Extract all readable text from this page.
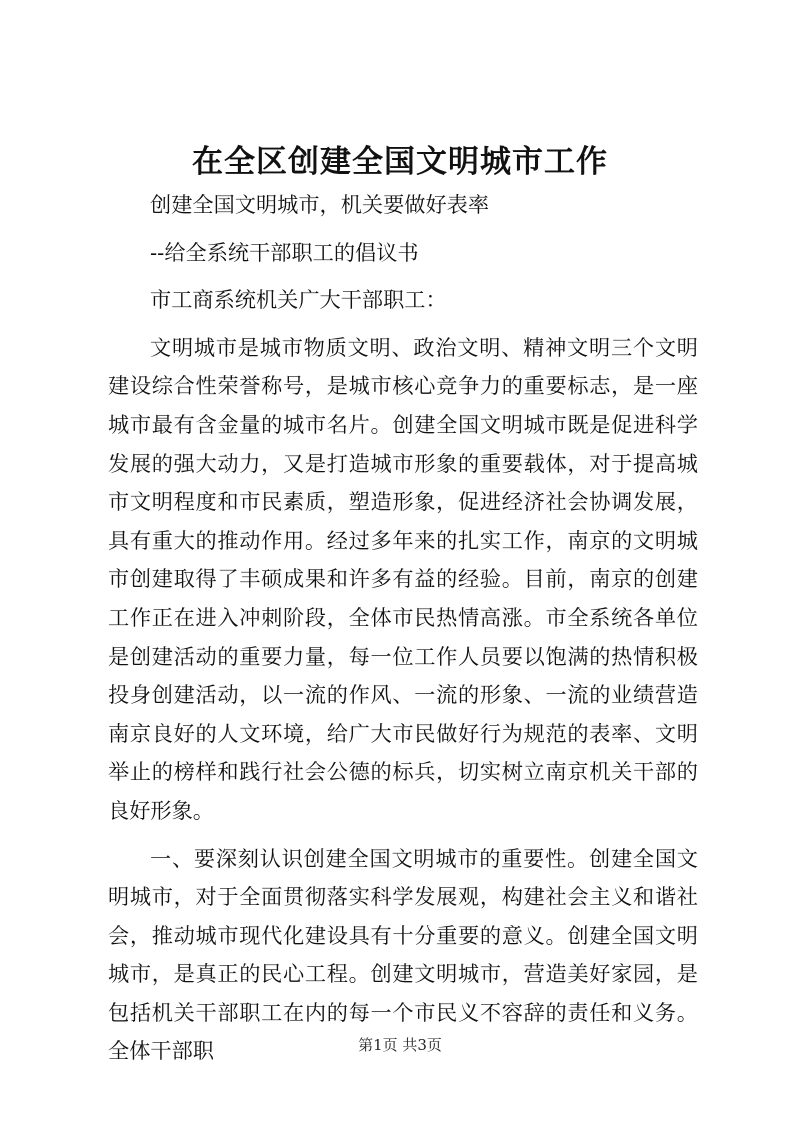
在全区创建全国文明城市工作

创建全国文明城市，机关要做好表率

--给全系统干部职工的倡议书

市工商系统机关广大干部职工：

文明城市是城市物质文明、政治文明、精神文明三个文明建设综合性荣誉称号，是城市核心竞争力的重要标志，是一座城市最有含金量的城市名片。创建全国文明城市既是促进科学发展的强大动力，又是打造城市形象的重要载体，对于提高城市文明程度和市民素质，塑造形象，促进经济社会协调发展，具有重大的推动作用。经过多年来的扎实工作，南京的文明城市创建取得了丰硕成果和许多有益的经验。目前，南京的创建工作正在进入冲刺阶段，全体市民热情高涨。市全系统各单位是创建活动的重要力量，每一位工作人员要以饱满的热情积极投身创建活动，以一流的作风、一流的形象、一流的业绩营造南京良好的人文环境，给广大市民做好行为规范的表率、文明举止的榜样和践行社会公德的标兵，切实树立南京机关干部的良好形象。

一、要深刻认识创建全国文明城市的重要性。创建全国文明城市，对于全面贯彻落实科学发展观，构建社会主义和谐社会，推动城市现代化建设具有十分重要的意义。创建全国文明城市，是真正的民心工程。创建文明城市，营造美好家园，是包括机关干部职工在内的每一个市民义不容辞的责任和义务。全体干部职	第1页 共3页
